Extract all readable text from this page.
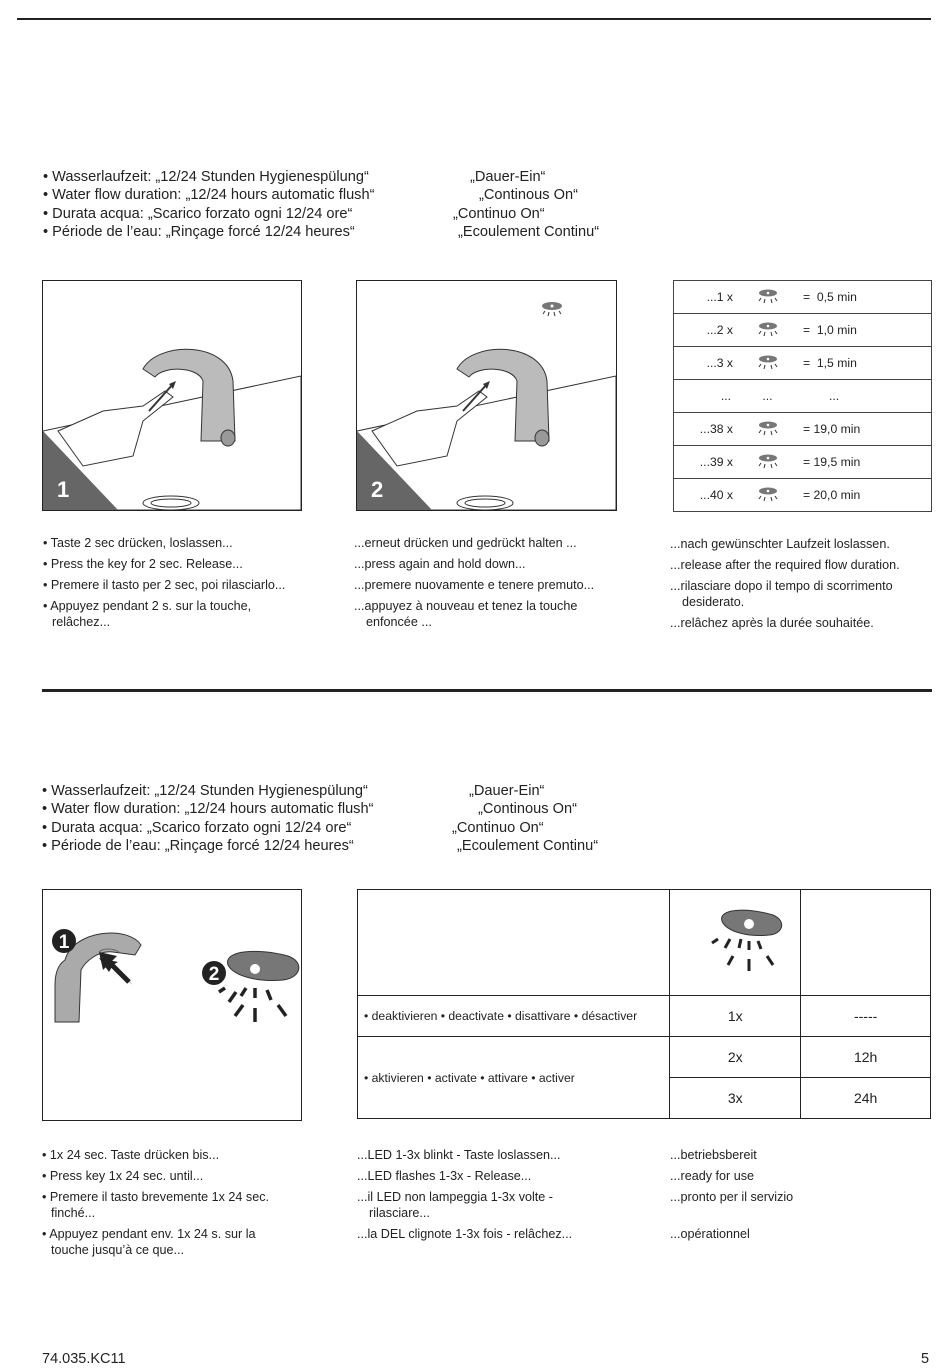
• Wasserlaufzeit: „12/24 Stunden Hygienespülung“	„Dauer-Ein“
• Water flow duration: „12/24 hours automatic flush“	„Continous On“
• Durata acqua: „Scarico forzato ogni 12/24 ore“	„Continuo On“
• Période de l’eau: „Rinçage forcé 12/24 heures“	„Ecoulement Continu“
1	2
...1 x	=  0,5 min

...2 x	=  1,0 min

...3 x	=  1,5 min

...	...	...

...38 x	= 19,0 min

...39 x	= 19,5 min

...40 x	= 20,0 min
• Taste 2 sec drücken, loslassen...
• Press the key for 2 sec. Release...
• Premere il tasto per 2 sec, poi rilasciarlo...
• Appuyez pendant 2 s. sur la touche, relâchez...
...erneut drücken und gedrückt halten ...
...press again and hold down...
...premere nuovamente e tenere premuto...
...appuyez à nouveau et tenez la touche enfoncée ...
...nach gewünschter Laufzeit loslassen.
...release after the required flow duration.
...rilasciare dopo il tempo di scorrimento desiderato.
...relâchez après la durée souhaitée.
• Wasserlaufzeit: „12/24 Stunden Hygienespülung“	„Dauer-Ein“
• Water flow duration: „12/24 hours automatic flush“	„Continous On“
• Durata acqua: „Scarico forzato ogni 12/24 ore“	„Continuo On“
• Période de l’eau: „Rinçage forcé 12/24 heures“	„Ecoulement Continu“
1
2

• deaktivieren • deactivate • disattivare • désactiver	1x	-----
• aktivieren • activate • attivare • activer	2x	12h
	3x	24h
• 1x 24 sec. Taste drücken bis...
• Press key 1x 24 sec. until...
• Premere il tasto brevemente 1x 24 sec. finché...
• Appuyez pendant env. 1x 24 s. sur la touche jusqu’à ce que...
...LED 1-3x blinkt - Taste loslassen...
...LED flashes 1-3x - Release...
...il LED non lampeggia 1-3x volte - rilasciare...
...la DEL clignote 1-3x fois - relâchez...
...betriebsbereit
...ready for use
...pronto per il servizio
...opérationnel
74.035.KC11	5
